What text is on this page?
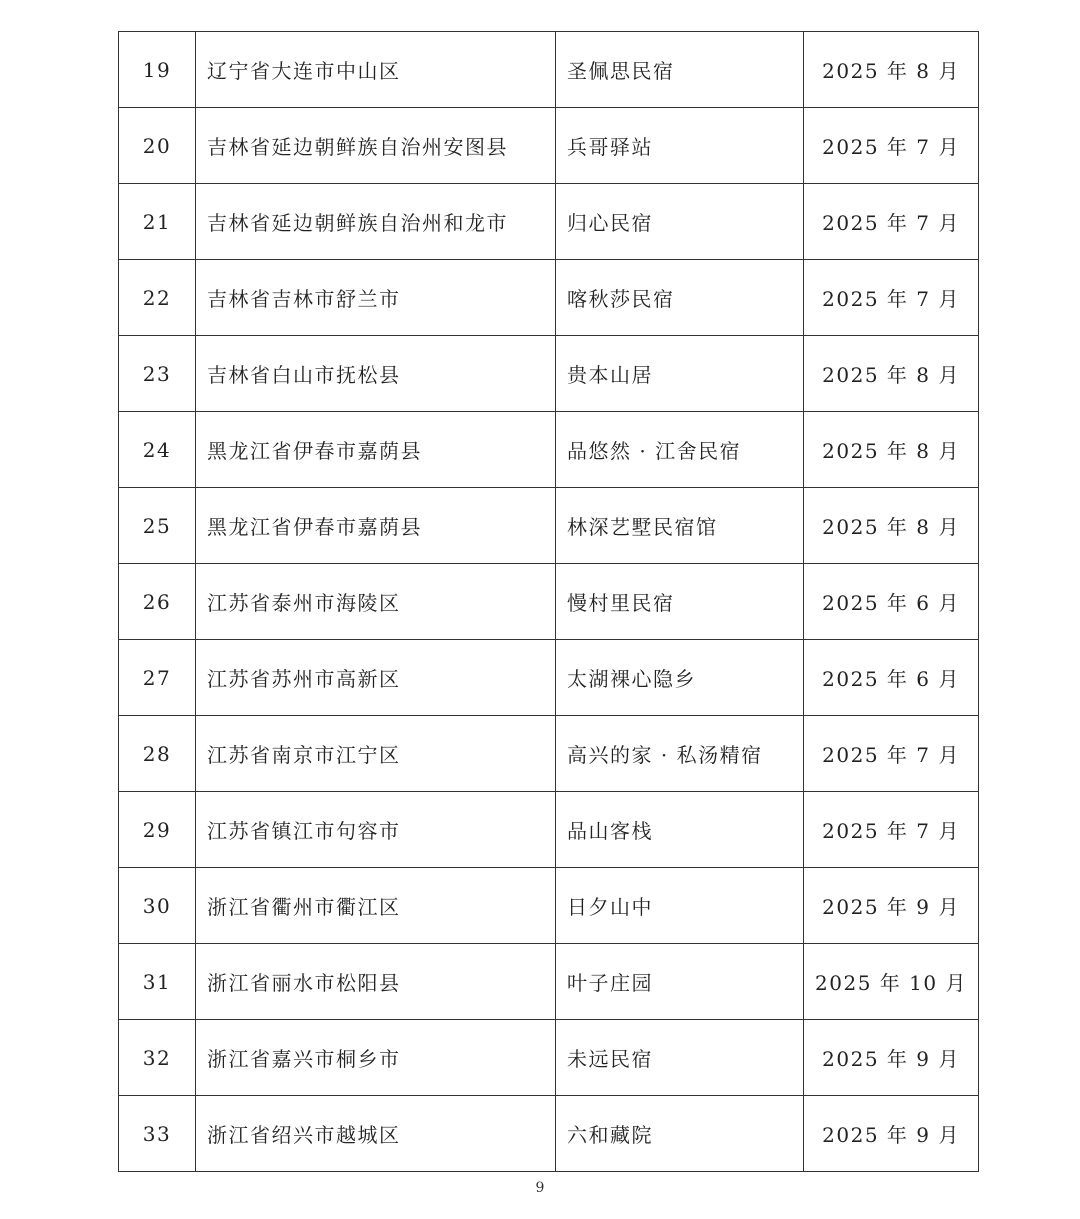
19	辽宁省大连市中山区	圣佩思民宿	2025 年 8 月
20	吉林省延边朝鲜族自治州安图县	兵哥驿站	2025 年 7 月
21	吉林省延边朝鲜族自治州和龙市	归心民宿	2025 年 7 月
22	吉林省吉林市舒兰市	喀秋莎民宿	2025 年 7 月
23	吉林省白山市抚松县	贵本山居	2025 年 8 月
24	黑龙江省伊春市嘉荫县	品悠然 · 江舍民宿	2025 年 8 月
25	黑龙江省伊春市嘉荫县	林深艺墅民宿馆	2025 年 8 月
26	江苏省泰州市海陵区	慢村里民宿	2025 年 6 月
27	江苏省苏州市高新区	太湖裸心隐乡	2025 年 6 月
28	江苏省南京市江宁区	高兴的家 · 私汤精宿	2025 年 7 月
29	江苏省镇江市句容市	品山客栈	2025 年 7 月
30	浙江省衢州市衢江区	日夕山中	2025 年 9 月
31	浙江省丽水市松阳县	叶子庄园	2025 年 10 月
32	浙江省嘉兴市桐乡市	未远民宿	2025 年 9 月
33	浙江省绍兴市越城区	六和藏院	2025 年 9 月
9
